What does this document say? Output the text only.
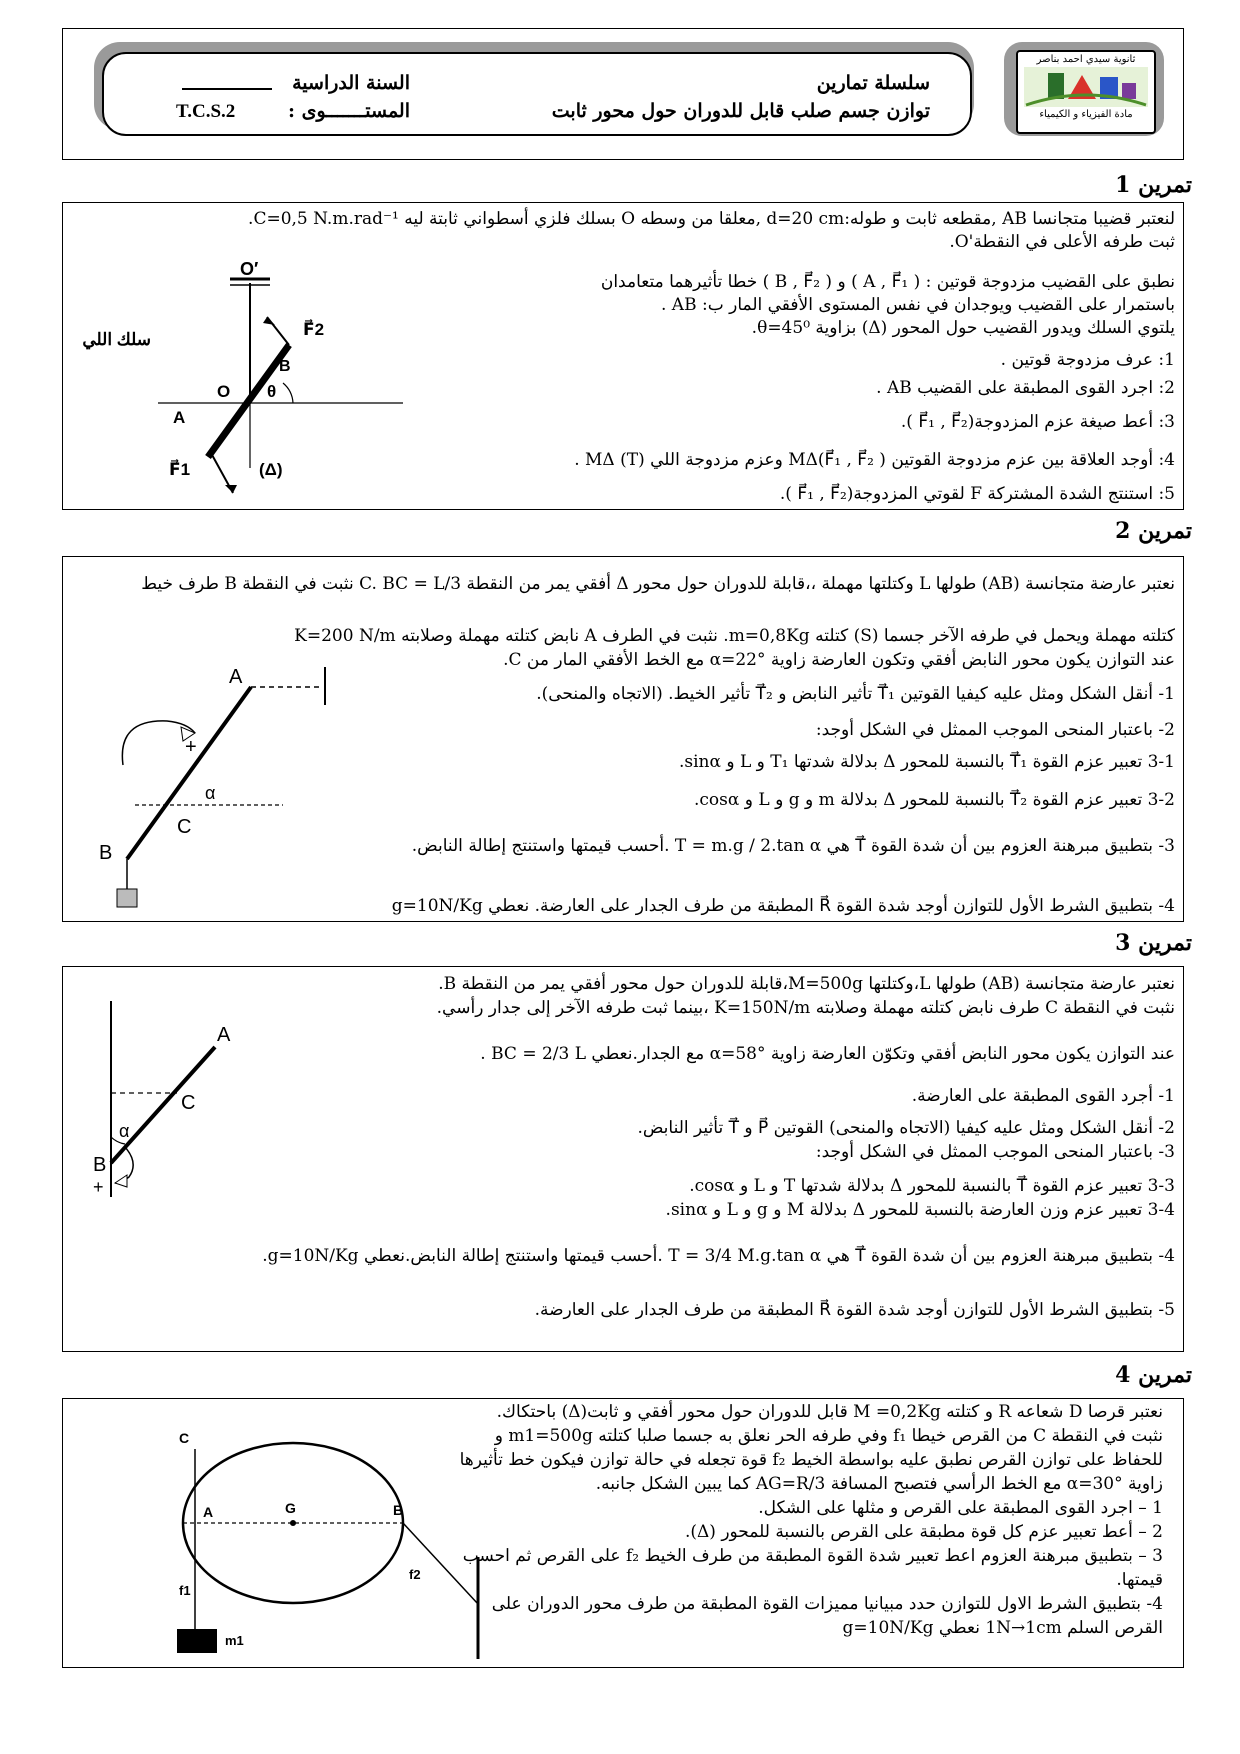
سلسلة تمارين
توازن جسم صلب قابل للدوران حول محور ثابت
السنة الدراسية
المستـــــــوى :
T.C.S.2
ثانوية سيدي احمد بناصر
مادة الفيزياء و الكيمياء
تمرين 1
لنعتبر قضيبا متجانسا AB ,مقطعه ثابت و طوله:d=20 cm ,معلقا من وسطه O بسلك فلزي أسطواني ثابتة ليه C=0,5 N.m.rad⁻¹.
ثبت طرفه الأعلى في النقطة'O.
نطبق على القضيب مزدوجة قوتين : ( A , F⃗₁ ) و ( B , F⃗₂ ) خطا تأثيرهما متعامدان
باستمرار على القضيب ويوجدان في نفس المستوى الأفقي المار ب: AB .
يلتوي السلك ويدور القضيب حول المحور (Δ) بزاوية θ=45⁰.
1: عرف مزدوجة قوتين .
2: اجرد القوى المطبقة على القضيب AB .
3: أعط صيغة عزم المزدوجة(F⃗₁ , F⃗₂ ).
4: أوجد العلاقة بين عزم مزدوجة القوتين MΔ(F⃗₁ , F⃗₂ ) وعزم مزدوجة اللي MΔ (T) .
5: استنتج الشدة المشتركة F لقوتي المزدوجة(F⃗₁ , F⃗₂ ).
O′
سلك اللي
F⃗2
B
O θ
A
F⃗1	(Δ)
تمرين 2
نعتبر عارضة متجانسة (AB) طولها L وكتلتها مهملة ،،قابلة للدوران حول محور Δ أفقي يمر من النقطة C. BC = L/3 نثبت في النقطة B طرف خيط
كتلته مهملة ويحمل في طرفه الآخر جسما (S) كتلته m=0,8Kg. نثبت في الطرف A نابض كتلته مهملة وصلابته K=200 N/m
عند التوازن يكون محور النابض أفقي وتكون العارضة زاوية α=22° مع الخط الأفقي المار من C.
1- أنقل الشكل ومثل عليه كيفيا القوتين T⃗₁ تأثير النابض و T⃗₂ تأثير الخيط. (الاتجاه والمنحى).
2- باعتبار المنحى الموجب الممثل في الشكل أوجد:
3-1 تعبير عزم القوة T⃗₁ بالنسبة للمحور Δ بدلالة شدتها T₁ و L و sinα.
3-2 تعبير عزم القوة T⃗₂ بالنسبة للمحور Δ بدلالة m و g و L و cosα.
3- بتطبيق مبرهنة العزوم بين أن شدة القوة T⃗ هي T = m.g / 2.tan α .أحسب قيمتها واستنتج إطالة النابض.
4- بتطبيق الشرط الأول للتوازن أوجد شدة القوة R⃗ المطبقة من طرف الجدار على العارضة. نعطي g=10N/Kg
A
+
α
C
B
تمرين 3
نعتبر عارضة متجانسة (AB) طولها L،وكتلتها M=500g،قابلة للدوران حول محور أفقي يمر من النقطة B.
نثبت في النقطة C طرف نابض كتلته مهملة وصلابته K=150N/m ،بينما ثبت طرفه الآخر إلى جدار رأسي.
عند التوازن يكون محور النابض أفقي وتكوّن العارضة زاوية α=58° مع الجدار.نعطي BC = 2/3 L .
1- أجرد القوى المطبقة على العارضة.
2- أنقل الشكل ومثل عليه كيفيا (الاتجاه والمنحى) القوتين P⃗ و T⃗ تأثير النابض.
3- باعتبار المنحى الموجب الممثل في الشكل أوجد:
3-3 تعبير عزم القوة T⃗ بالنسبة للمحور Δ بدلالة شدتها T و L و cosα.
3-4 تعبير عزم وزن العارضة بالنسبة للمحور Δ بدلالة M و g و L و sinα.
4- بتطبيق مبرهنة العزوم بين أن شدة القوة T⃗ هي T = 3/4 M.g.tan α .أحسب قيمتها واستنتج إطالة النابض.نعطي g=10N/Kg.
5- بتطبيق الشرط الأول للتوازن أوجد شدة القوة R⃗ المطبقة من طرف الجدار على العارضة.
A
C
α
B
+
تمرين 4
نعتبر قرصا D شعاعه R و كتلته M =0,2Kg قابل للدوران حول محور أفقي و ثابت(Δ) باحتكاك.
نثبت في النقطة C من القرص خيطا f₁ وفي طرفه الحر نعلق به جسما صلبا كتلته m1=500g و
للحفاظ على توازن القرص نطبق عليه بواسطة الخيط f₂ قوة تجعله في حالة توازن فيكون خط تأثيرها
زاوية α=30° مع الخط الرأسي فتصبح المسافة AG=R/3 كما يبين الشكل جانبه.
1 – اجرد القوى المطبقة على القرص و مثلها على الشكل.
2 – أعط تعبير عزم كل قوة مطبقة على القرص بالنسبة للمحور (Δ).
3 – بتطبيق مبرهنة العزوم اعط تعبير شدة القوة المطبقة من طرف الخيط f₂ على القرص ثم احسب
قيمتها.
4- بتطبيق الشرط الاول للتوازن حدد مبيانيا مميزات القوة المطبقة من طرف محور الدوران على
القرص السلم 1N→1cm نعطي g=10N/Kg
C
A	G	B
f1
f2
m1
